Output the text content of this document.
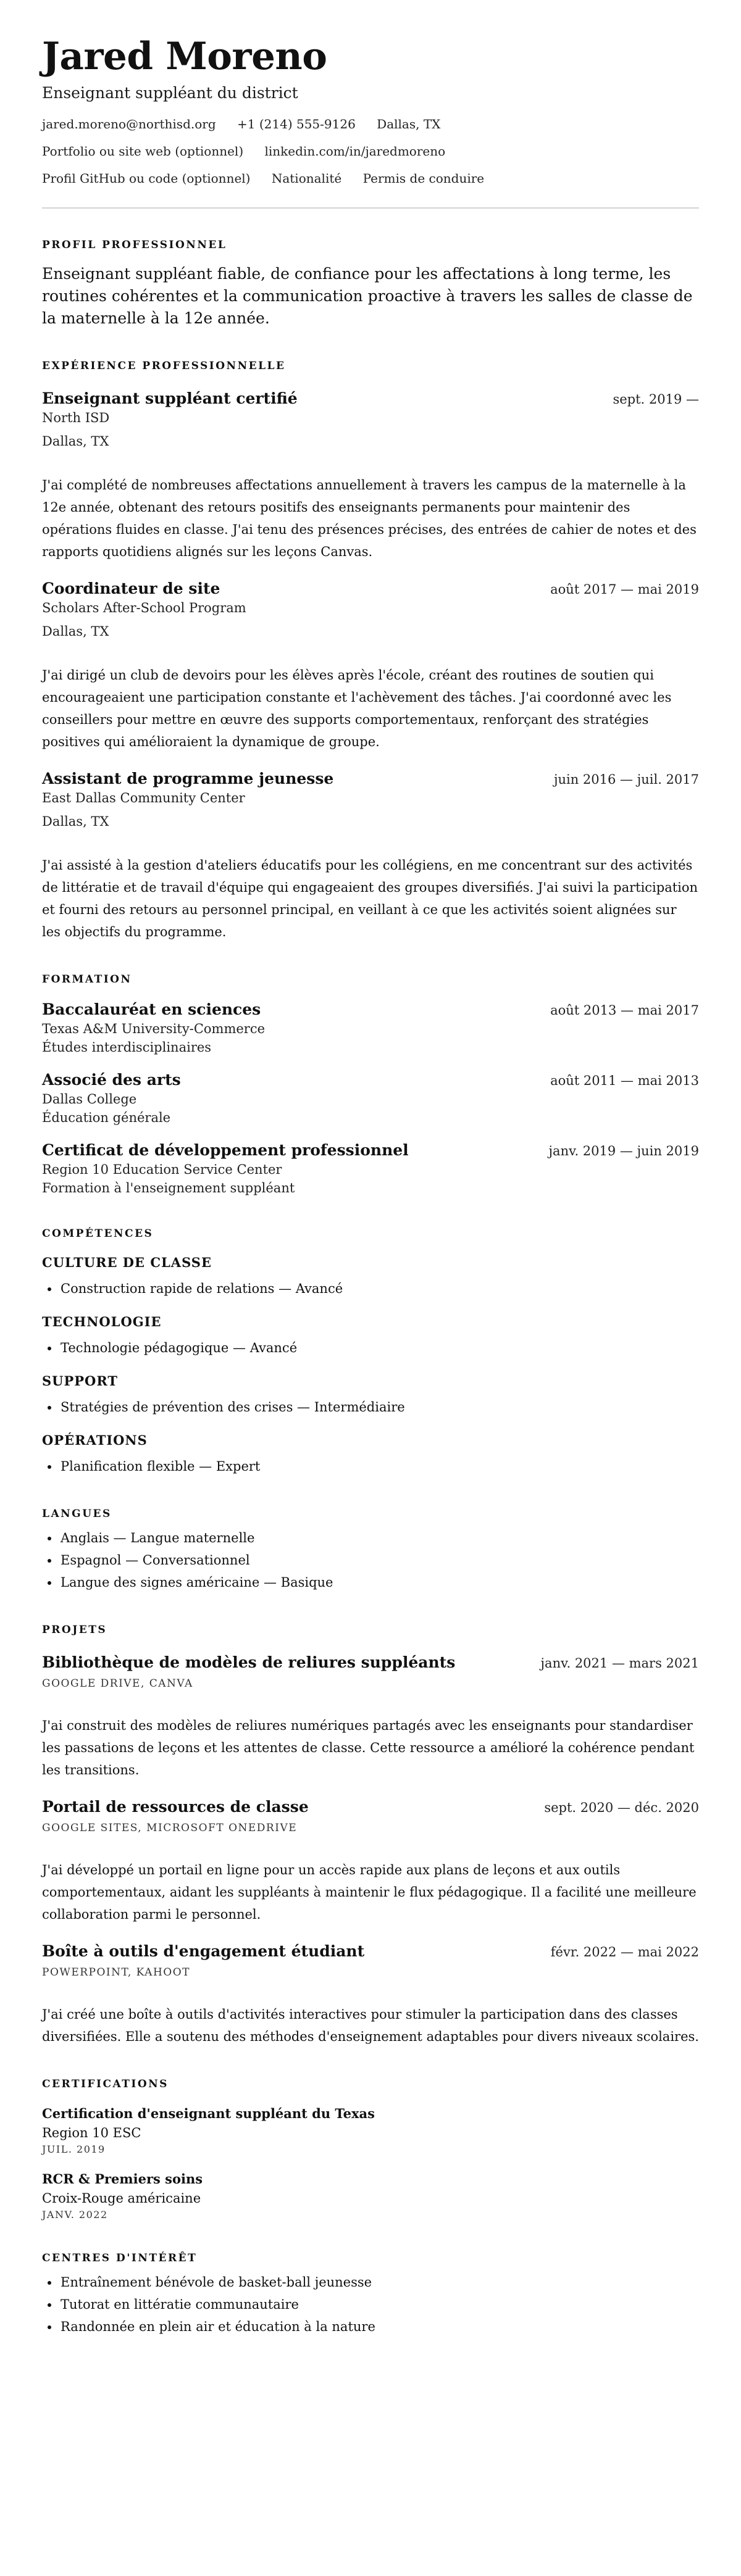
Jared Moreno
Enseignant suppléant du district
jared.moreno@northisd.org +1 (214) 555-9126 Dallas, TX
Portfolio ou site web (optionnel) linkedin.com/in/jaredmoreno
Profil GitHub ou code (optionnel) Nationalité Permis de conduire
PROFIL PROFESSIONNEL
Enseignant suppléant fiable, de confiance pour les affectations à long terme, les routines cohérentes et la communication proactive à travers les salles de classe de la maternelle à la 12e année.
EXPÉRIENCE PROFESSIONNELLE
Enseignant suppléant certifié	sept. 2019 —
North ISD
Dallas, TX
J'ai complété de nombreuses affectations annuellement à travers les campus de la maternelle à la 12e année, obtenant des retours positifs des enseignants permanents pour maintenir des opérations fluides en classe. J'ai tenu des présences précises, des entrées de cahier de notes et des rapports quotidiens alignés sur les leçons Canvas.
Coordinateur de site	août 2017 — mai 2019
Scholars After-School Program
Dallas, TX
J'ai dirigé un club de devoirs pour les élèves après l'école, créant des routines de soutien qui encourageaient une participation constante et l'achèvement des tâches. J'ai coordonné avec les conseillers pour mettre en œuvre des supports comportementaux, renforçant des stratégies positives qui amélioraient la dynamique de groupe.
Assistant de programme jeunesse	juin 2016 — juil. 2017
East Dallas Community Center
Dallas, TX
J'ai assisté à la gestion d'ateliers éducatifs pour les collégiens, en me concentrant sur des activités de littératie et de travail d'équipe qui engageaient des groupes diversifiés. J'ai suivi la participation et fourni des retours au personnel principal, en veillant à ce que les activités soient alignées sur les objectifs du programme.
FORMATION
Baccalauréat en sciences	août 2013 — mai 2017
Texas A&M University-Commerce
Études interdisciplinaires
Associé des arts	août 2011 — mai 2013
Dallas College
Éducation générale
Certificat de développement professionnel	janv. 2019 — juin 2019
Region 10 Education Service Center
Formation à l'enseignement suppléant
COMPÉTENCES
CULTURE DE CLASSE
• Construction rapide de relations — Avancé
TECHNOLOGIE
• Technologie pédagogique — Avancé
SUPPORT
• Stratégies de prévention des crises — Intermédiaire
OPÉRATIONS
• Planification flexible — Expert
LANGUES
• Anglais — Langue maternelle
• Espagnol — Conversationnel
• Langue des signes américaine — Basique
PROJETS
Bibliothèque de modèles de reliures suppléants	janv. 2021 — mars 2021
GOOGLE DRIVE, CANVA
J'ai construit des modèles de reliures numériques partagés avec les enseignants pour standardiser les passations de leçons et les attentes de classe. Cette ressource a amélioré la cohérence pendant les transitions.
Portail de ressources de classe	sept. 2020 — déc. 2020
GOOGLE SITES, MICROSOFT ONEDRIVE
J'ai développé un portail en ligne pour un accès rapide aux plans de leçons et aux outils comportementaux, aidant les suppléants à maintenir le flux pédagogique. Il a facilité une meilleure collaboration parmi le personnel.
Boîte à outils d'engagement étudiant	févr. 2022 — mai 2022
POWERPOINT, KAHOOT
J'ai créé une boîte à outils d'activités interactives pour stimuler la participation dans des classes diversifiées. Elle a soutenu des méthodes d'enseignement adaptables pour divers niveaux scolaires.
CERTIFICATIONS
Certification d'enseignant suppléant du Texas
Region 10 ESC
JUIL. 2019
RCR & Premiers soins
Croix-Rouge américaine
JANV. 2022
CENTRES D'INTÉRÊT
• Entraînement bénévole de basket-ball jeunesse
• Tutorat en littératie communautaire
• Randonnée en plein air et éducation à la nature
